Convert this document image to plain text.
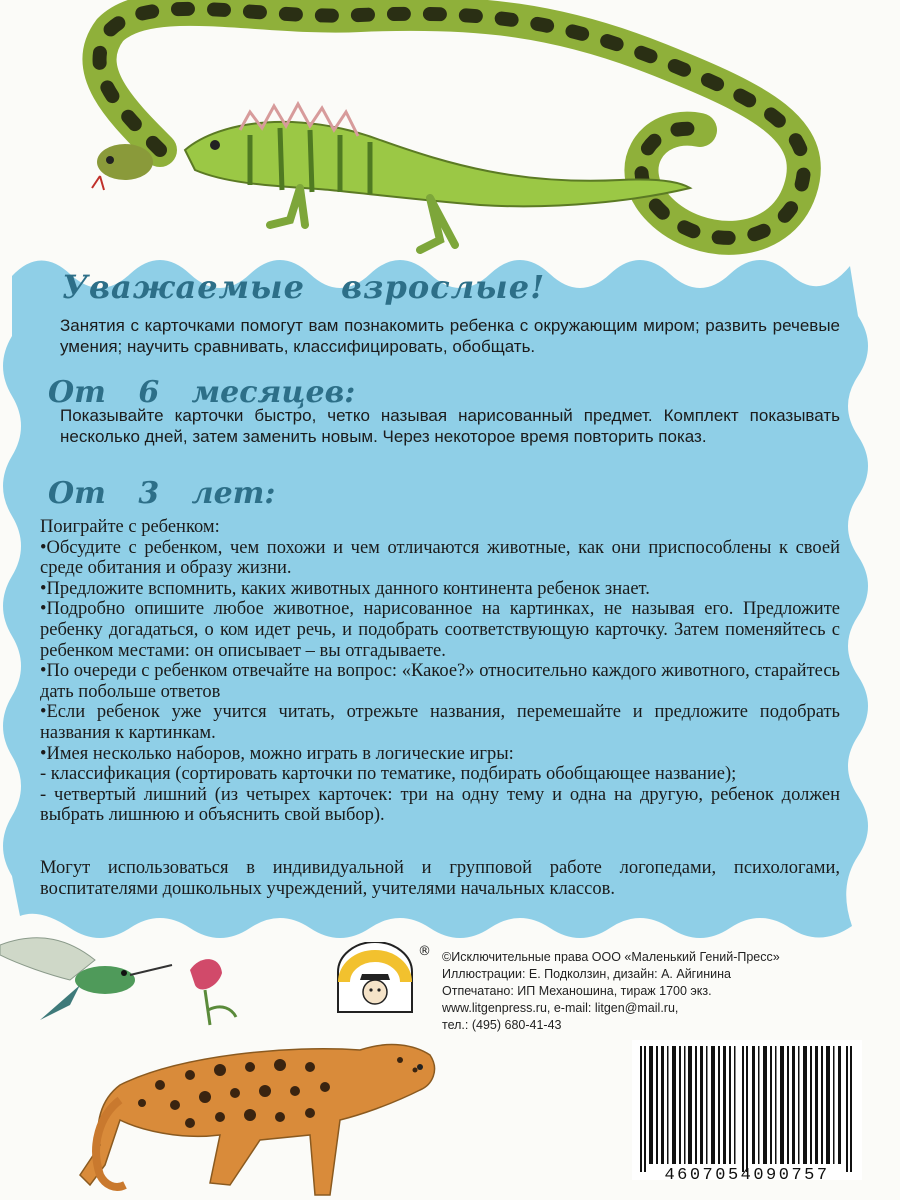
Уважаемые взрослые!
Занятия с карточками помогут вам познакомить ребенка с окружающим миром; развить речевые умения; научить сравнивать, классифицировать, обобщать.
От 6 месяцев:
Показывайте карточки быстро, четко называя нарисованный предмет. Комплект показывать несколько дней, затем заменить новым. Через некоторое время повторить показ.
От 3 лет:
Поиграйте с ребенком:
•Обсудите с ребенком, чем похожи и чем отличаются животные, как они приспособлены к своей среде обитания и образу жизни.
•Предложите вспомнить, каких животных данного континента ребенок знает.
•Подробно опишите любое животное, нарисованное на картинках, не называя его. Предложите ребенку догадаться, о ком идет речь, и подобрать соответствующую карточку. Затем поменяйтесь с ребенком местами: он описывает – вы отгадываете.
•По очереди с ребенком отвечайте на вопрос: «Какое?» относительно каждого животного, старайтесь дать побольше ответов
•Если ребенок уже учится читать, отрежьте названия, перемешайте и предложите подобрать названия к картинкам.
•Имея несколько наборов, можно играть в логические игры:
- классификация (сортировать карточки по тематике, подбирать обобщающее название);
- четвертый лишний (из четырех карточек: три на одну тему и одна на другую, ребенок должен выбрать лишнюю и объяснить свой выбор).
Могут использоваться в индивидуальной и групповой работе логопедами, психологами, воспитателями дошкольных учреждений, учителями начальных классов.
® ©Исключительные права ООО «Маленький Гений-Пресс»
Иллюстрации: Е. Подколзин, дизайн: А. Айгинина
Отпечатано: ИП Механошина, тираж 1700 экз.
www.litgenpress.ru, e-mail: litgen@mail.ru,
тел.: (495) 680-41-43
4607054090757
